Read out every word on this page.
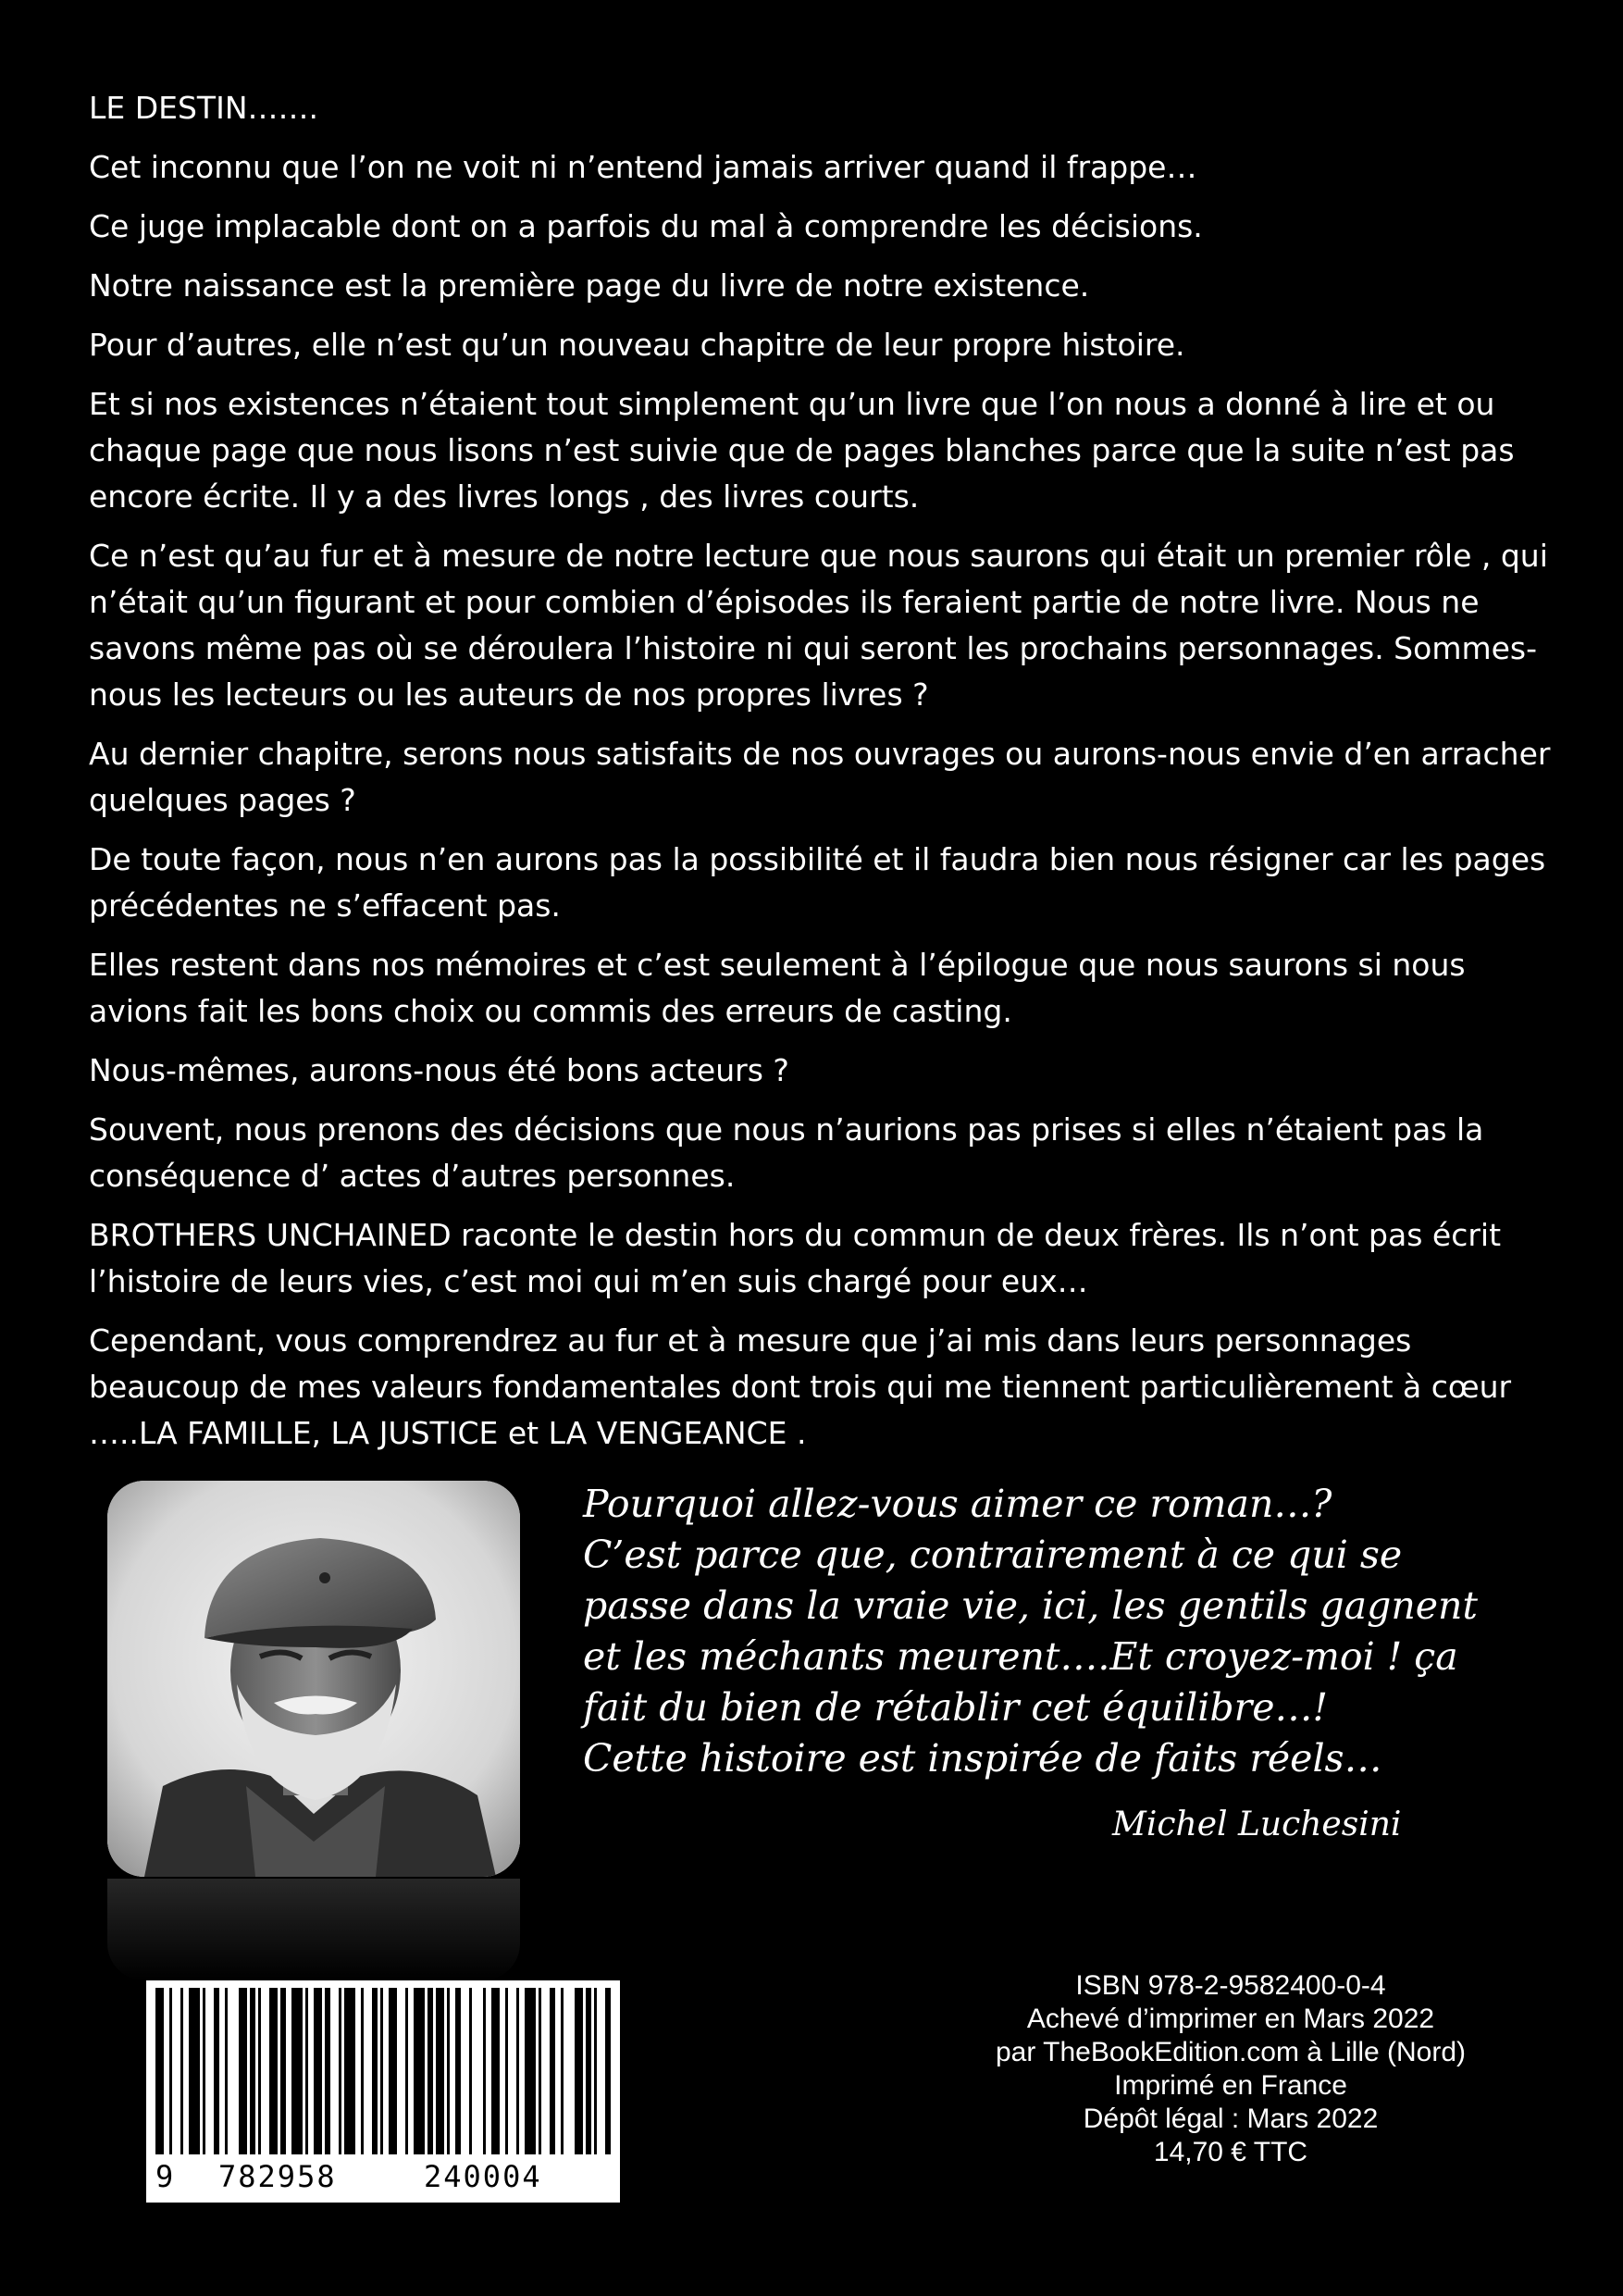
LE DESTIN…….

Cet inconnu que l’on ne voit ni n’entend jamais arriver quand il frappe…

Ce juge implacable dont on a parfois du mal à comprendre les décisions.

Notre naissance est la première page du livre de notre existence.

Pour d’autres, elle n’est qu’un nouveau chapitre de leur propre histoire.

Et si nos existences n’étaient tout simplement qu’un livre que l’on nous a donné à lire et ou chaque page que nous lisons n’est suivie que de pages blanches parce que la suite n’est pas encore écrite. Il y a des livres longs , des livres courts.

Ce n’est qu’au fur et à mesure de notre lecture que nous saurons qui était un premier rôle , qui n’était qu’un figurant et pour combien d’épisodes ils feraient partie de notre livre. Nous ne savons même pas où se déroulera l’histoire ni qui seront les prochains personnages. Sommes-nous les lecteurs ou les auteurs de nos propres livres ?

Au dernier chapitre, serons nous satisfaits de nos ouvrages ou aurons-nous envie d’en arracher quelques pages ?

De toute façon, nous n’en aurons pas la possibilité et il faudra bien nous résigner car les pages précédentes ne s’effacent pas.

Elles restent dans nos mémoires et c’est seulement à l’épilogue que nous saurons si nous avions fait les bons choix ou commis des erreurs de casting.

Nous-mêmes, aurons-nous été bons acteurs ?

Souvent, nous prenons des décisions que nous n’aurions pas prises si elles n’étaient pas la conséquence d’ actes d’autres personnes.

BROTHERS UNCHAINED raconte le destin hors du commun de deux frères. Ils n’ont pas écrit l’histoire de leurs vies, c’est moi qui m’en suis chargé pour eux…

Cependant, vous comprendrez au fur et à mesure que j’ai mis dans leurs personnages beaucoup de mes valeurs fondamentales dont trois qui me tiennent particulièrement à cœur …..LA FAMILLE, LA JUSTICE et LA VENGEANCE .

Pourquoi allez-vous aimer ce roman…?
C’est parce que, contrairement à ce qui se
passe dans la vraie vie, ici, les gentils gagnent
et les méchants meurent….Et croyez-moi ! ça
fait du bien de rétablir cet équilibre…!
Cette histoire est inspirée de faits réels…
Michel Luchesini
9 782958	240004
ISBN 978-2-9582400-0-4
Achevé d’imprimer en Mars 2022
par TheBookEdition.com à Lille (Nord)
Imprimé en France
Dépôt légal : Mars 2022
14,70 € TTC
